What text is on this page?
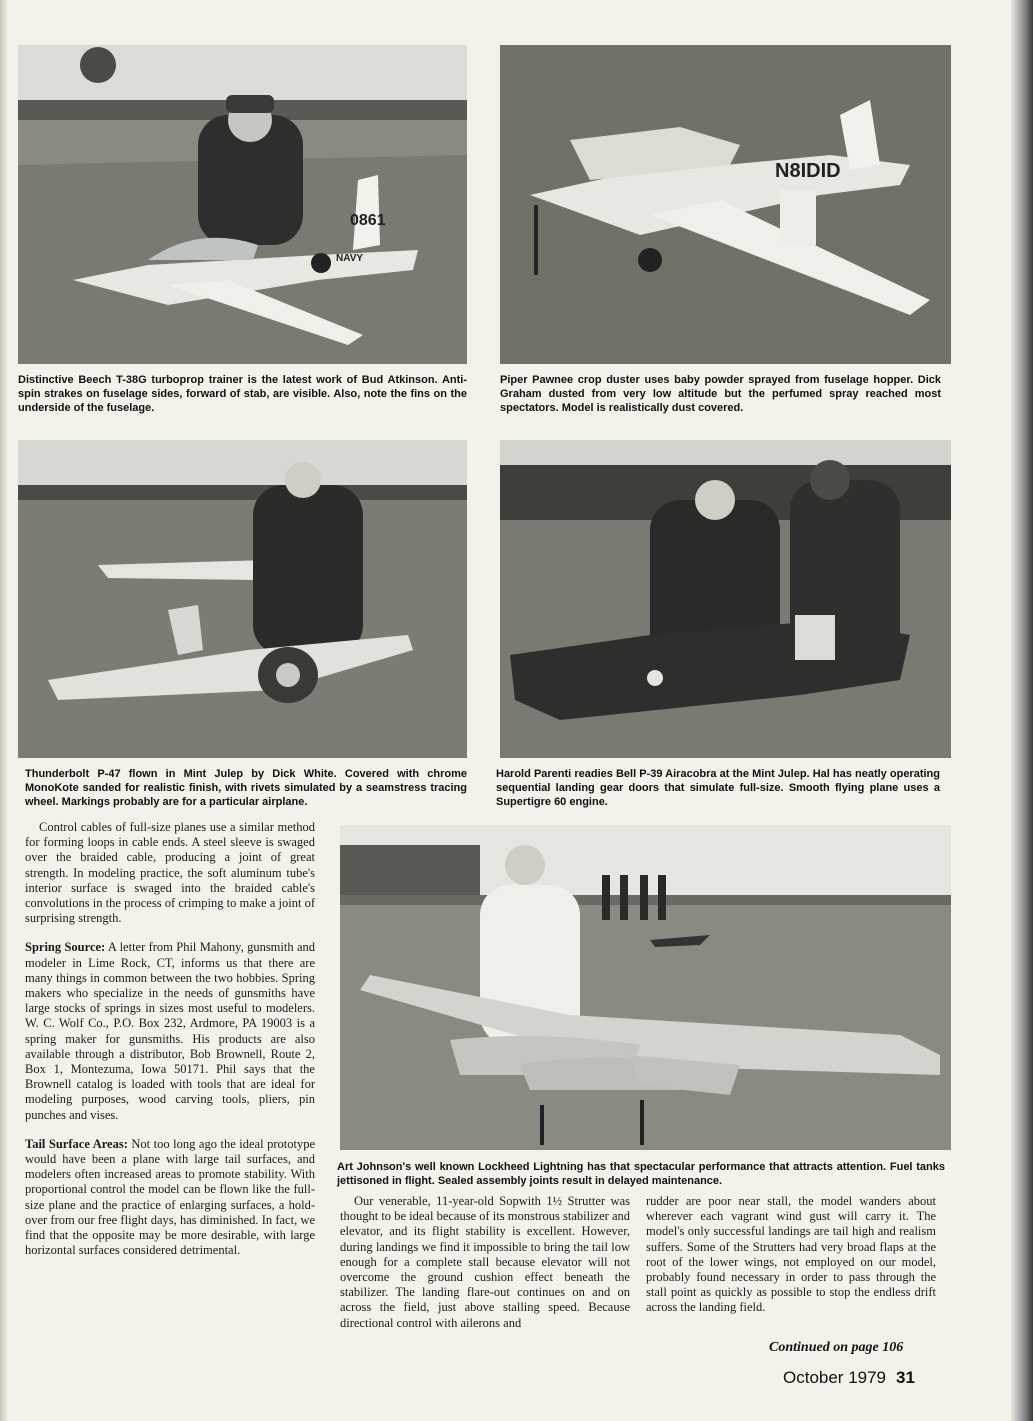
0861
NAVY

Distinctive Beech T-38G turboprop trainer is the latest work of Bud Atkinson. Anti-spin strakes on fuselage sides, forward of stab, are visible. Also, note the fins on the underside of the fuselage.

N8IDID

Piper Pawnee crop duster uses baby powder sprayed from fuselage hopper. Dick Graham dusted from very low altitude but the perfumed spray reached most spectators. Model is realistically dust covered.

Thunderbolt P-47 flown in Mint Julep by Dick White. Covered with chrome MonoKote sanded for realistic finish, with rivets simulated by a seamstress tracing wheel. Markings probably are for a particular airplane.

Harold Parenti readies Bell P-39 Airacobra at the Mint Julep. Hal has neatly operating sequential landing gear doors that simulate full-size. Smooth flying plane uses a Supertigre 60 engine.

Art Johnson's well known Lockheed Lightning has that spectacular performance that attracts attention. Fuel tanks jettisoned in flight. Sealed assembly joints result in delayed maintenance.

Control cables of full-size planes use a similar method for forming loops in cable ends. A steel sleeve is swaged over the braided cable, producing a joint of great strength. In modeling practice, the soft aluminum tube's interior surface is swaged into the braided cable's convolutions in the process of crimping to make a joint of surprising strength.

Spring Source: A letter from Phil Mahony, gunsmith and modeler in Lime Rock, CT, informs us that there are many things in common between the two hobbies. Spring makers who specialize in the needs of gunsmiths have large stocks of springs in sizes most useful to modelers. W. C. Wolf Co., P.O. Box 232, Ardmore, PA 19003 is a spring maker for gunsmiths. His products are also available through a distributor, Bob Brownell, Route 2, Box 1, Montezuma, Iowa 50171. Phil says that the Brownell catalog is loaded with tools that are ideal for modeling purposes, wood carving tools, pliers, pin punches and vises.

Tail Surface Areas: Not too long ago the ideal prototype would have been a plane with large tail surfaces, and modelers often increased areas to promote stability. With proportional control the model can be flown like the full-size plane and the practice of enlarging surfaces, a hold-over from our free flight days, has diminished. In fact, we find that the opposite may be more desirable, with large horizontal surfaces considered detrimental.

Our venerable, 11-year-old Sopwith 1½ Strutter was thought to be ideal because of its monstrous stabilizer and elevator, and its flight stability is excellent. However, during landings we find it impossible to bring the tail low enough for a complete stall because elevator will not overcome the ground cushion effect beneath the stabilizer. The landing flare-out continues on and on across the field, just above stalling speed. Because directional control with ailerons and

rudder are poor near stall, the model wanders about wherever each vagrant wind gust will carry it. The model's only successful landings are tail high and realism suffers. Some of the Strutters had very broad flaps at the root of the lower wings, not employed on our model, probably found necessary in order to pass through the stall point as quickly as possible to stop the endless drift across the landing field.

Continued on page 106
October 1979 31
